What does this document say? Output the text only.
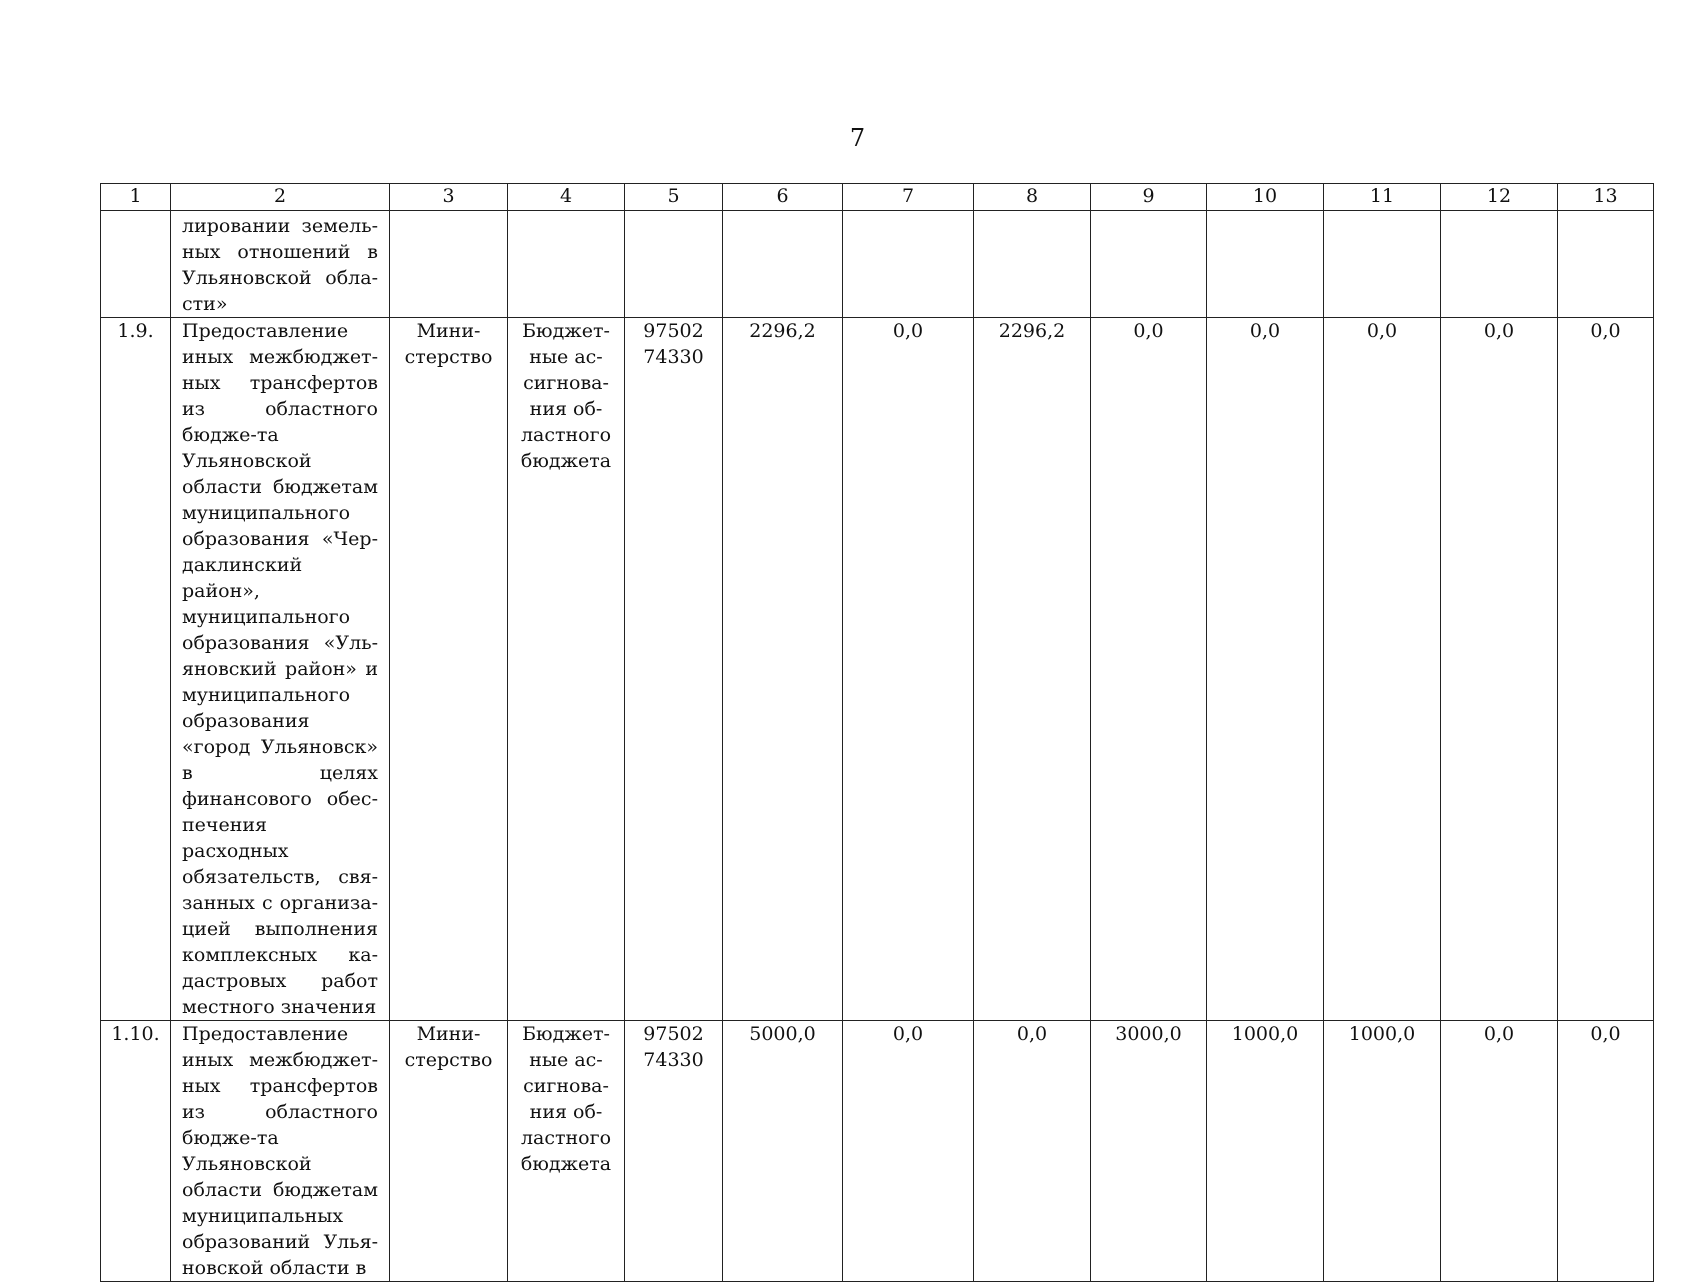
7
1	2	3	4	5	6	7	8	9	10	11	12	13
	лировании земель-ных отношений в Ульяновской обла-сти»											
1.9.	Предоставление иных межбюджет-ных трансфертов из областного бюдже-та Ульяновской области бюджетам муниципального образования «Чер-даклинский район», муниципального образования «Уль-яновский район» и муниципального образования «город Ульяновск» в целях финансового обес-печения расходных обязательств, свя-занных с организа-цией выполнения комплексных ка-дастровых работ местного значения	Мини-стерство	Бюджет-ные ас-сигнова-ния об-ластного бюджета	97502 74330	2296,2	0,0	2296,2	0,0	0,0	0,0	0,0	0,0
1.10.	Предоставление иных межбюджет-ных трансфертов из областного бюдже-та Ульяновской области бюджетам муниципальных образований Улья-новской области в	Мини-стерство	Бюджет-ные ас-сигнова-ния об-ластного бюджета	97502 74330	5000,0	0,0	0,0	3000,0	1000,0	1000,0	0,0	0,0
